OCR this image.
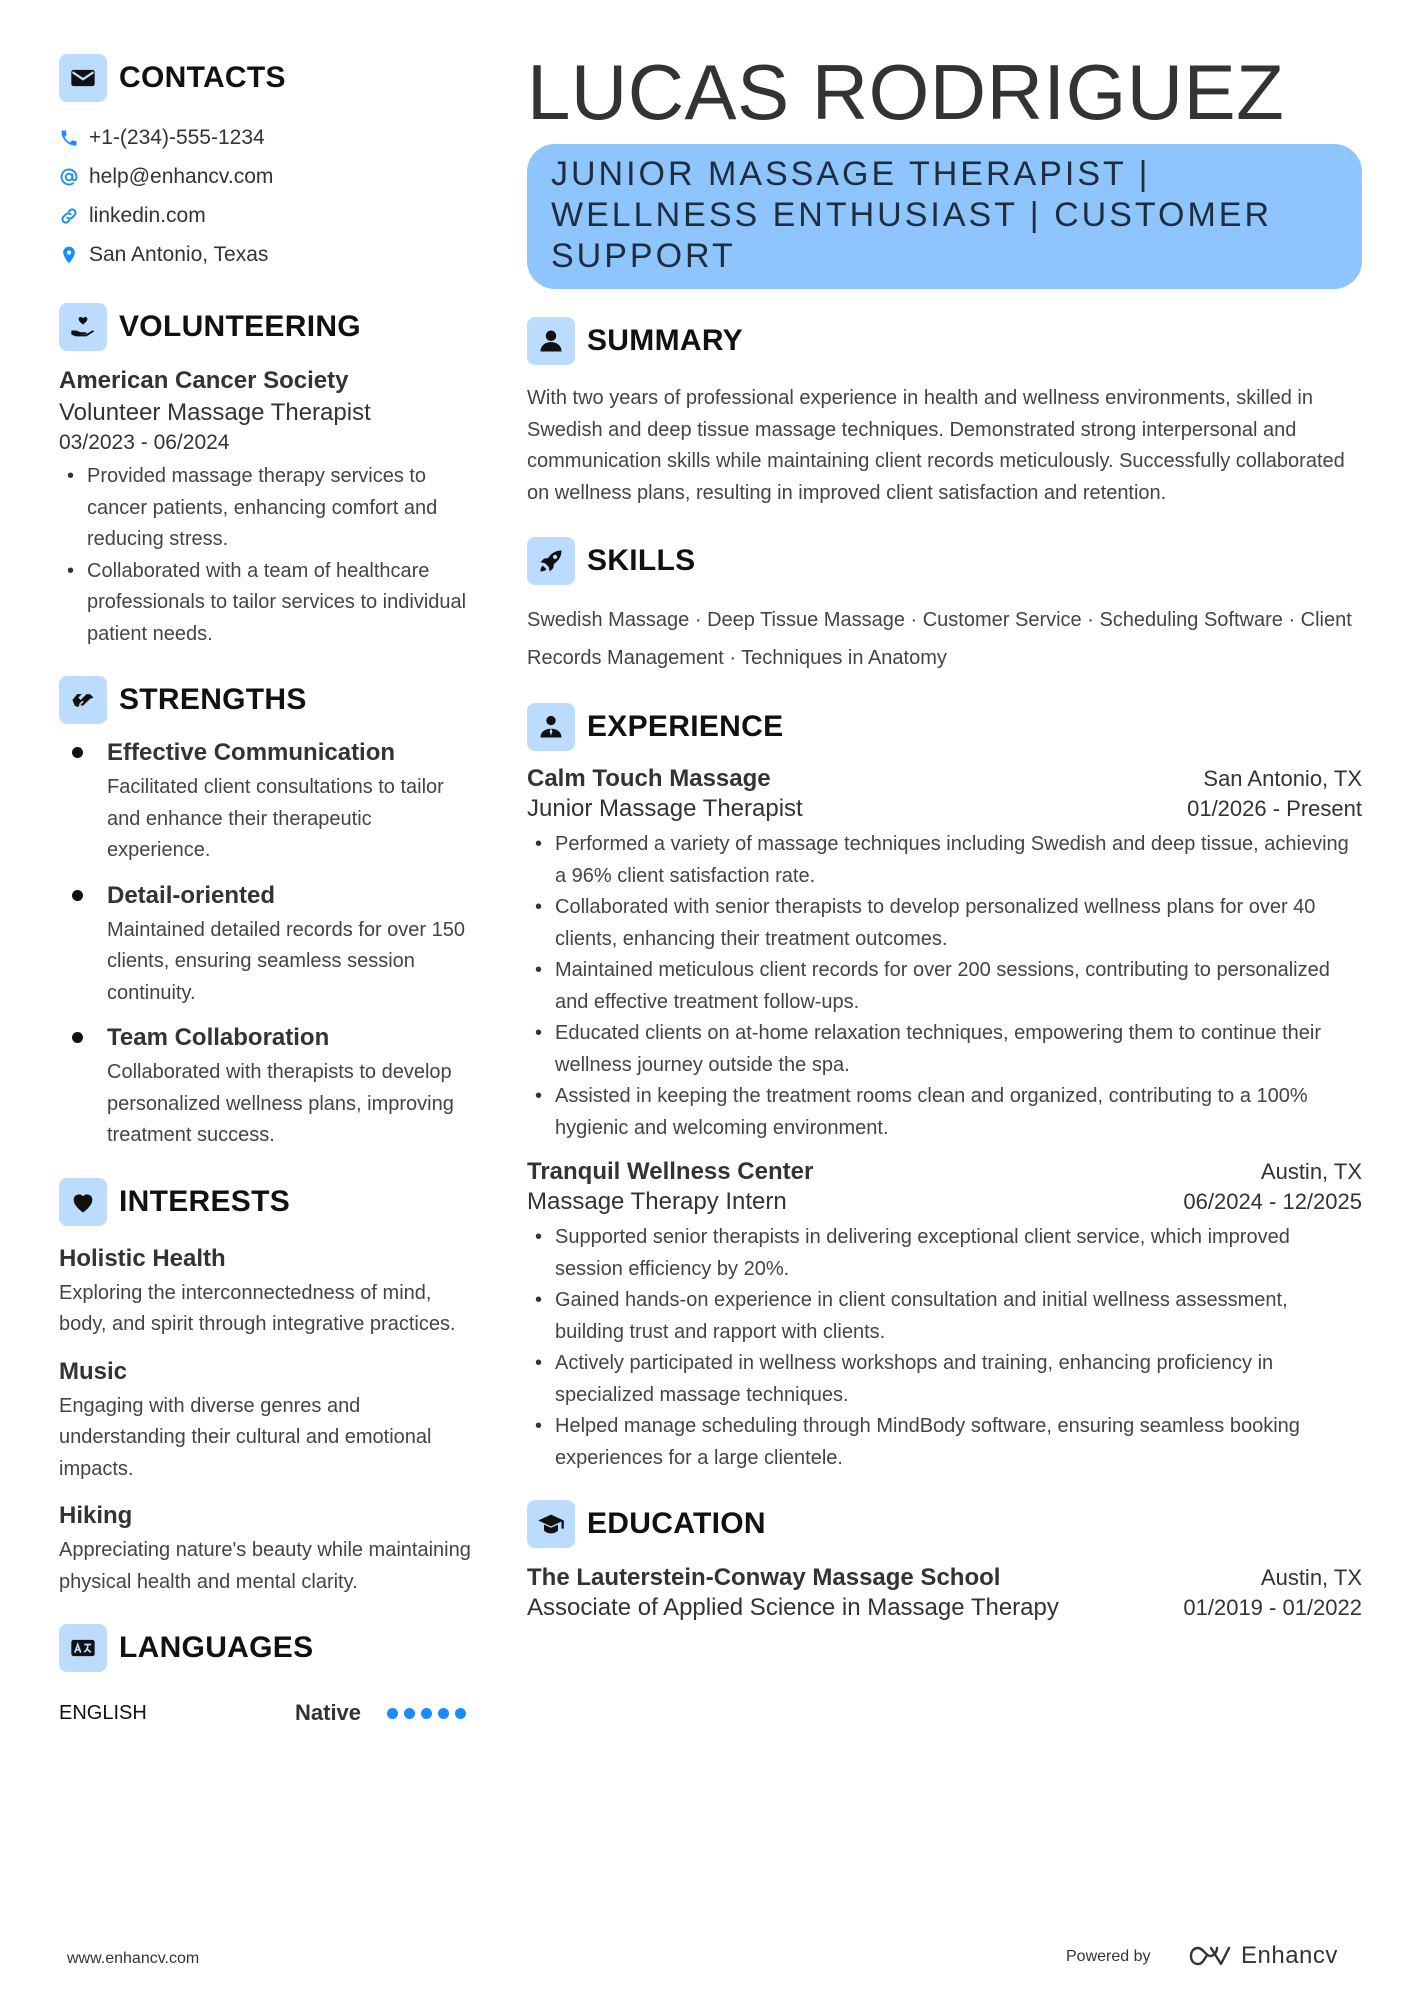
CONTACTS
+1-(234)-555-1234
help@enhancv.com
linkedin.com
San Antonio, Texas
VOLUNTEERING
American Cancer Society
Volunteer Massage Therapist
03/2023 - 06/2024
• Provided massage therapy services to cancer patients, enhancing comfort and reducing stress.
• Collaborated with a team of healthcare professionals to tailor services to individual patient needs.
STRENGTHS
Effective Communication
Facilitated client consultations to tailor and enhance their therapeutic experience.
Detail-oriented
Maintained detailed records for over 150 clients, ensuring seamless session continuity.
Team Collaboration
Collaborated with therapists to develop personalized wellness plans, improving treatment success.
INTERESTS
Holistic Health
Exploring the interconnectedness of mind, body, and spirit through integrative practices.
Music
Engaging with diverse genres and understanding their cultural and emotional impacts.
Hiking
Appreciating nature's beauty while maintaining physical health and mental clarity.
LANGUAGES
ENGLISH	Native
LUCAS RODRIGUEZ
JUNIOR MASSAGE THERAPIST |
WELLNESS ENTHUSIAST | CUSTOMER
SUPPORT
SUMMARY
With two years of professional experience in health and wellness environments, skilled in Swedish and deep tissue massage techniques. Demonstrated strong interpersonal and communication skills while maintaining client records meticulously. Successfully collaborated on wellness plans, resulting in improved client satisfaction and retention.
SKILLS
Swedish Massage · Deep Tissue Massage · Customer Service · Scheduling Software · Client Records Management · Techniques in Anatomy
EXPERIENCE
Calm Touch Massage	San Antonio, TX
Junior Massage Therapist	01/2026 - Present
• Performed a variety of massage techniques including Swedish and deep tissue, achieving a 96% client satisfaction rate.
• Collaborated with senior therapists to develop personalized wellness plans for over 40 clients, enhancing their treatment outcomes.
• Maintained meticulous client records for over 200 sessions, contributing to personalized and effective treatment follow-ups.
• Educated clients on at-home relaxation techniques, empowering them to continue their wellness journey outside the spa.
• Assisted in keeping the treatment rooms clean and organized, contributing to a 100% hygienic and welcoming environment.
Tranquil Wellness Center	Austin, TX
Massage Therapy Intern	06/2024 - 12/2025
• Supported senior therapists in delivering exceptional client service, which improved session efficiency by 20%.
• Gained hands-on experience in client consultation and initial wellness assessment, building trust and rapport with clients.
• Actively participated in wellness workshops and training, enhancing proficiency in specialized massage techniques.
• Helped manage scheduling through MindBody software, ensuring seamless booking experiences for a large clientele.
EDUCATION
The Lauterstein-Conway Massage School	Austin, TX
Associate of Applied Science in Massage Therapy	01/2019 - 01/2022
www.enhancv.com	Powered by	Enhancv
